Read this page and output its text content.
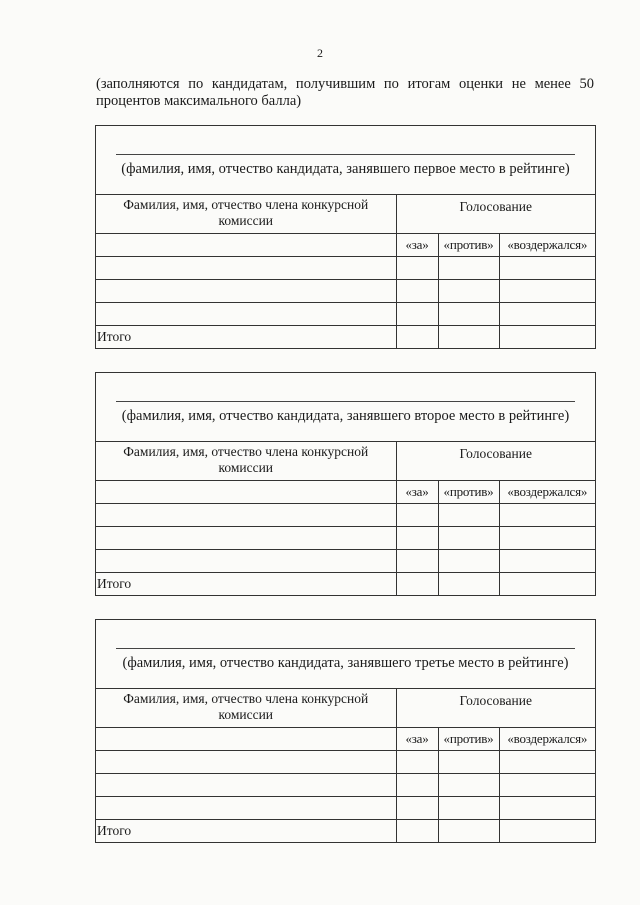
2
(заполняются по кандидатам, получившим по итогам оценки не менее 50 процентов максимального балла)
(фамилия, имя, отчество кандидата, занявшего первое место в рейтинге)
Фамилия, имя, отчество члена конкурсной комиссии	Голосование		
	«за»	«против»	«воздержался»

Итого			
(фамилия, имя, отчество кандидата, занявшего второе место в рейтинге)
Фамилия, имя, отчество члена конкурсной комиссии	Голосование		
	«за»	«против»	«воздержался»

Итого			
(фамилия, имя, отчество кандидата, занявшего третье место в рейтинге)
Фамилия, имя, отчество члена конкурсной комиссии	Голосование		
	«за»	«против»	«воздержался»

Итого			
